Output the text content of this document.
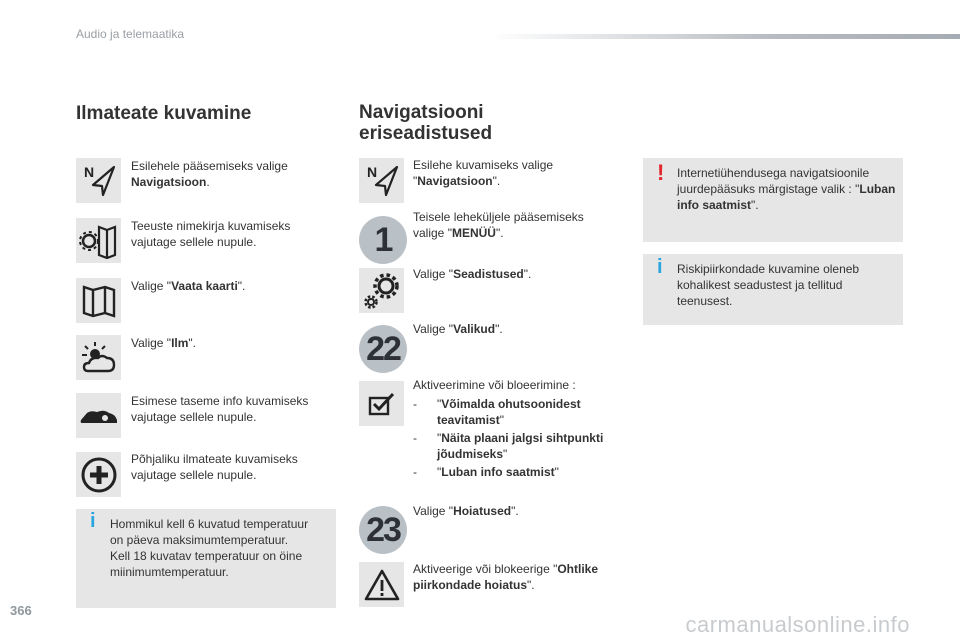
Audio ja telemaatika
Ilmateate kuvamine
N	Esilehele pääsemiseks valige Navigatsioon.
Teeuste nimekirja kuvamiseks vajutage sellele nupule.
Valige "Vaata kaarti".
Valige "Ilm".
Esimese taseme info kuvamiseks vajutage sellele nupule.
Põhjaliku ilmateate kuvamiseks vajutage sellele nupule.
i Hommikul kell 6 kuvatud temperatuur
on päeva maksimumtemperatuur.
Kell 18 kuvatav temperatuur on öine
miinimumtemperatuur.
Navigatsiooni
eriseadistused
N	Esilehe kuvamiseks valige "Navigatsioon".
1
Teisele leheküljele pääsemiseks valige "MENÜÜ".
Valige "Seadistused".
22
Valige "Valikud".
Aktiveerimine või bloeerimine :
-	"Võimalda ohutsoonidest teavitamist"
-	"Näita plaani jalgsi sihtpunkti jõudmiseks"
-	"Luban info saatmist"
23	Valige "Hoiatused".
Aktiveerige või blokeerige "Ohtlike piirkondade hoiatus".
! Internetiühendusega navigatsioonile juurdepääsuks märgistage valik : "Luban info saatmist".
i Riskipiirkondade kuvamine oleneb kohalikest seadustest ja tellitud teenusest.
366
carmanualsonline.info
